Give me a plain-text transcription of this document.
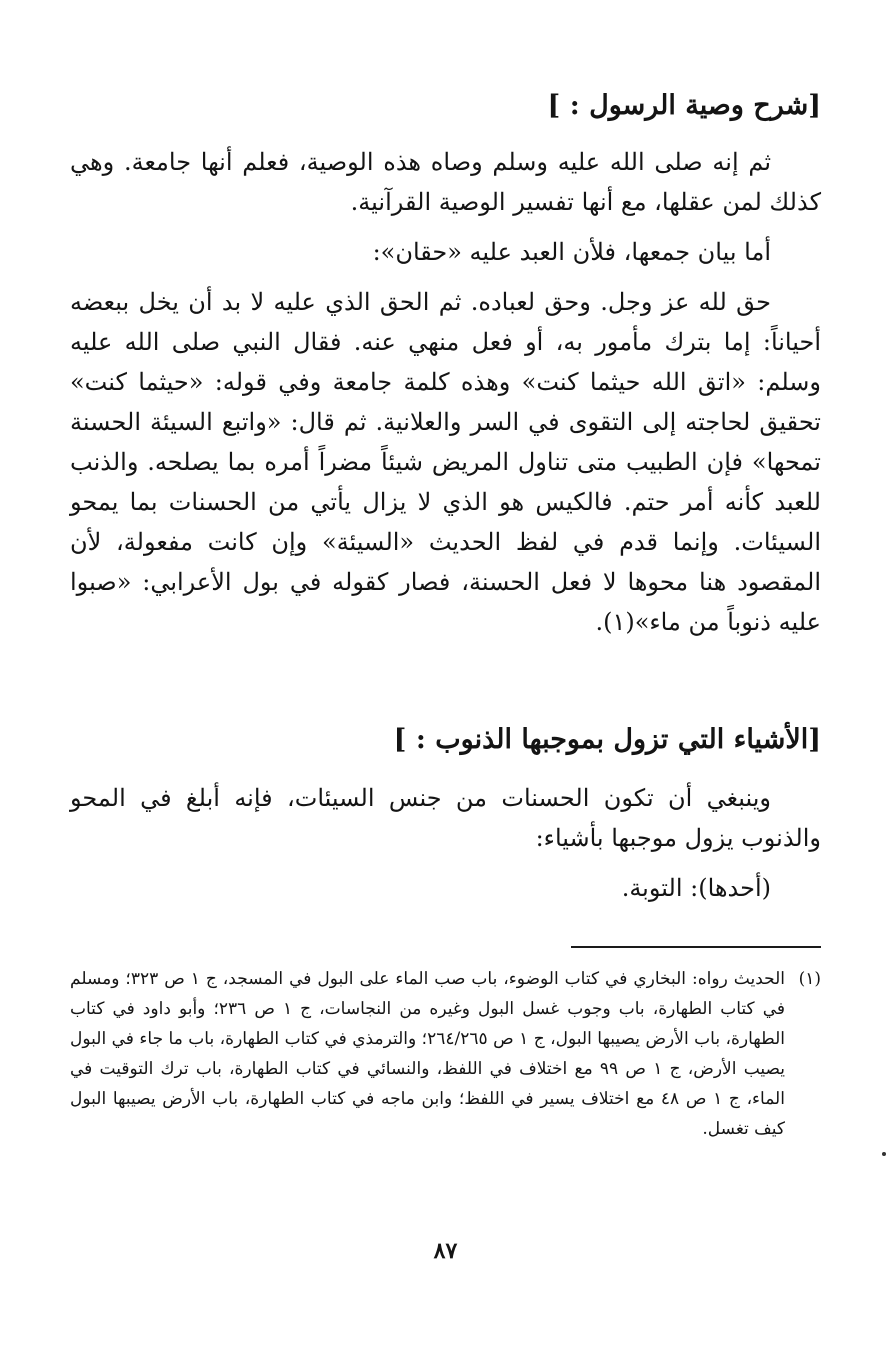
[شرح وصية الرسول : ]

ثم إنه صلى الله عليه وسلم وصاه هذه الوصية، فعلم أنها جامعة. وهي كذلك لمن عقلها، مع أنها تفسير الوصية القرآنية.

أما بيان جمعها، فلأن العبد عليه «حقان»:

حق لله عز وجل. وحق لعباده. ثم الحق الذي عليه لا بد أن يخل ببعضه أحياناً: إما بترك مأمور به، أو فعل منهي عنه. فقال النبي صلى الله عليه وسلم: «اتق الله حيثما كنت» وهذه كلمة جامعة وفي قوله: «حيثما كنت» تحقيق لحاجته إلى التقوى في السر والعلانية. ثم قال: «واتبع السيئة الحسنة تمحها» فإن الطبيب متى تناول المريض شيئاً مضراً أمره بما يصلحه. والذنب للعبد كأنه أمر حتم. فالكيس هو الذي لا يزال يأتي من الحسنات بما يمحو السيئات. وإنما قدم في لفظ الحديث «السيئة» وإن كانت مفعولة، لأن المقصود هنا محوها لا فعل الحسنة، فصار كقوله في بول الأعرابي: «صبوا عليه ذنوباً من ماء»(١).

[الأشياء التي تزول بموجبها الذنوب : ]

وينبغي أن تكون الحسنات من جنس السيئات، فإنه أبلغ في المحو والذنوب يزول موجبها بأشياء:

(أحدها): التوبة.

(١)

الحديث رواه: البخاري في كتاب الوضوء، باب صب الماء على البول في المسجد، ج ١ ص ٣٢٣؛ ومسلم في كتاب الطهارة، باب وجوب غسل البول وغيره من النجاسات، ج ١ ص ٢٣٦؛ وأبو داود في كتاب الطهارة، باب الأرض يصيبها البول، ج ١ ص ٢٦٤/٢٦٥؛ والترمذي في كتاب الطهارة، باب ما جاء في البول يصيب الأرض، ج ١ ص ٩٩ مع اختلاف في اللفظ، والنسائي في كتاب الطهارة، باب ترك التوقيت في الماء، ج ١ ص ٤٨ مع اختلاف يسير في اللفظ؛ وابن ماجه في كتاب الطهارة، باب الأرض يصيبها البول كيف تغسل.

٨٧
